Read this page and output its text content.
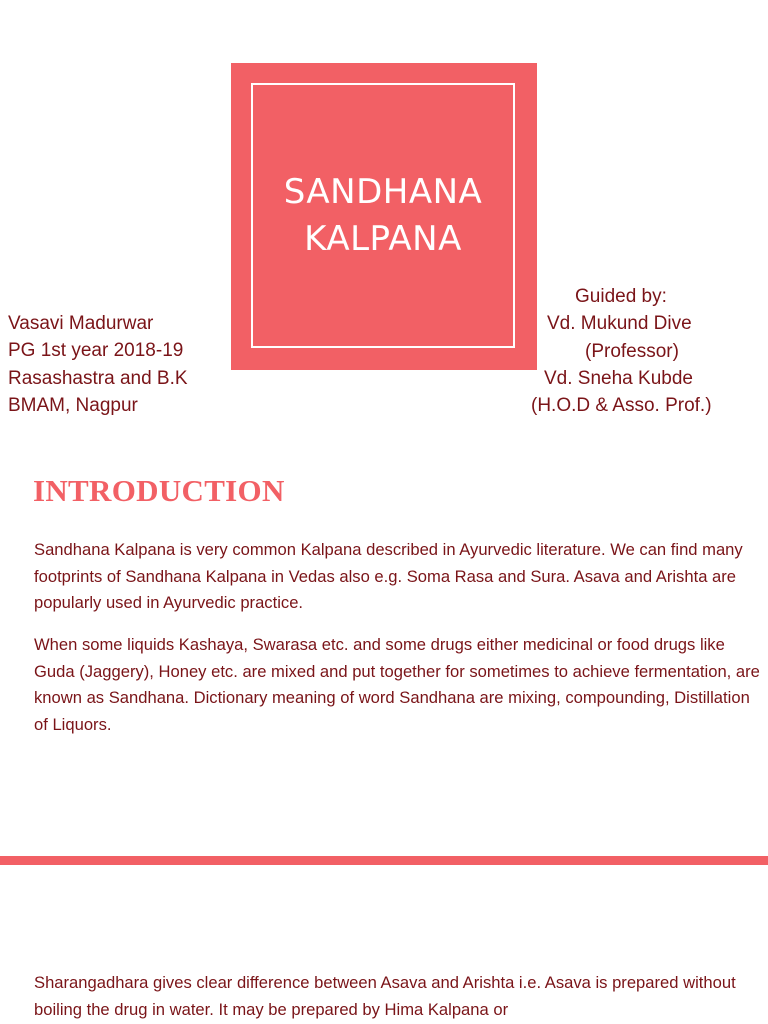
SANDHANA
KALPANA
Vasavi Madurwar
PG 1st year 2018-19
Rasashastra and B.K
BMAM, Nagpur
Guided by:
Vd. Mukund Dive
(Professor)
Vd. Sneha Kubde
(H.O.D & Asso. Prof.)
INTRODUCTION

Sandhana Kalpana is very common Kalpana described in Ayurvedic literature. We can find many footprints of Sandhana Kalpana in Vedas also e.g. Soma Rasa and Sura. Asava and Arishta are popularly used in Ayurvedic practice.

When some liquids Kashaya, Swarasa etc. and some drugs either medicinal or food drugs like Guda (Jaggery), Honey etc. are mixed and put together for sometimes to achieve fermentation, are known as Sandhana. Dictionary meaning of word Sandhana are mixing, compounding, Distillation of Liquors.

Sharangadhara gives clear difference between Asava and Arishta i.e. Asava is prepared without boiling the drug in water. It may be prepared by Hima Kalpana or
